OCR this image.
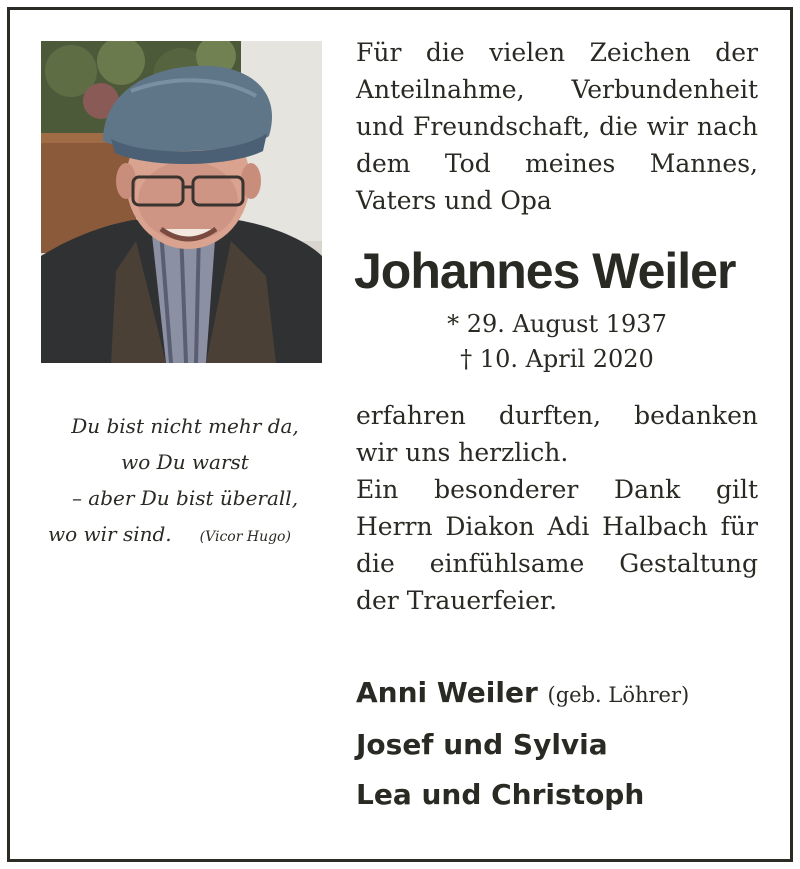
Für die vielen Zeichen der
Anteilnahme, Verbundenheit
und Freundschaft, die wir nach
dem Tod meines Mannes,
Vaters und Opa
Johannes Weiler
* 29. August 1937
† 10. April 2020
erfahren durften, bedanken
wir uns herzlich.
Ein besonderer Dank gilt
Herrn Diakon Adi Halbach für
die einfühlsame Gestaltung
der Trauerfeier.
Du bist nicht mehr da,
wo Du warst
– aber Du bist überall,
wo wir sind. (Vicor Hugo)
Anni Weiler (geb. Löhrer)
Josef und Sylvia
Lea und Christoph
